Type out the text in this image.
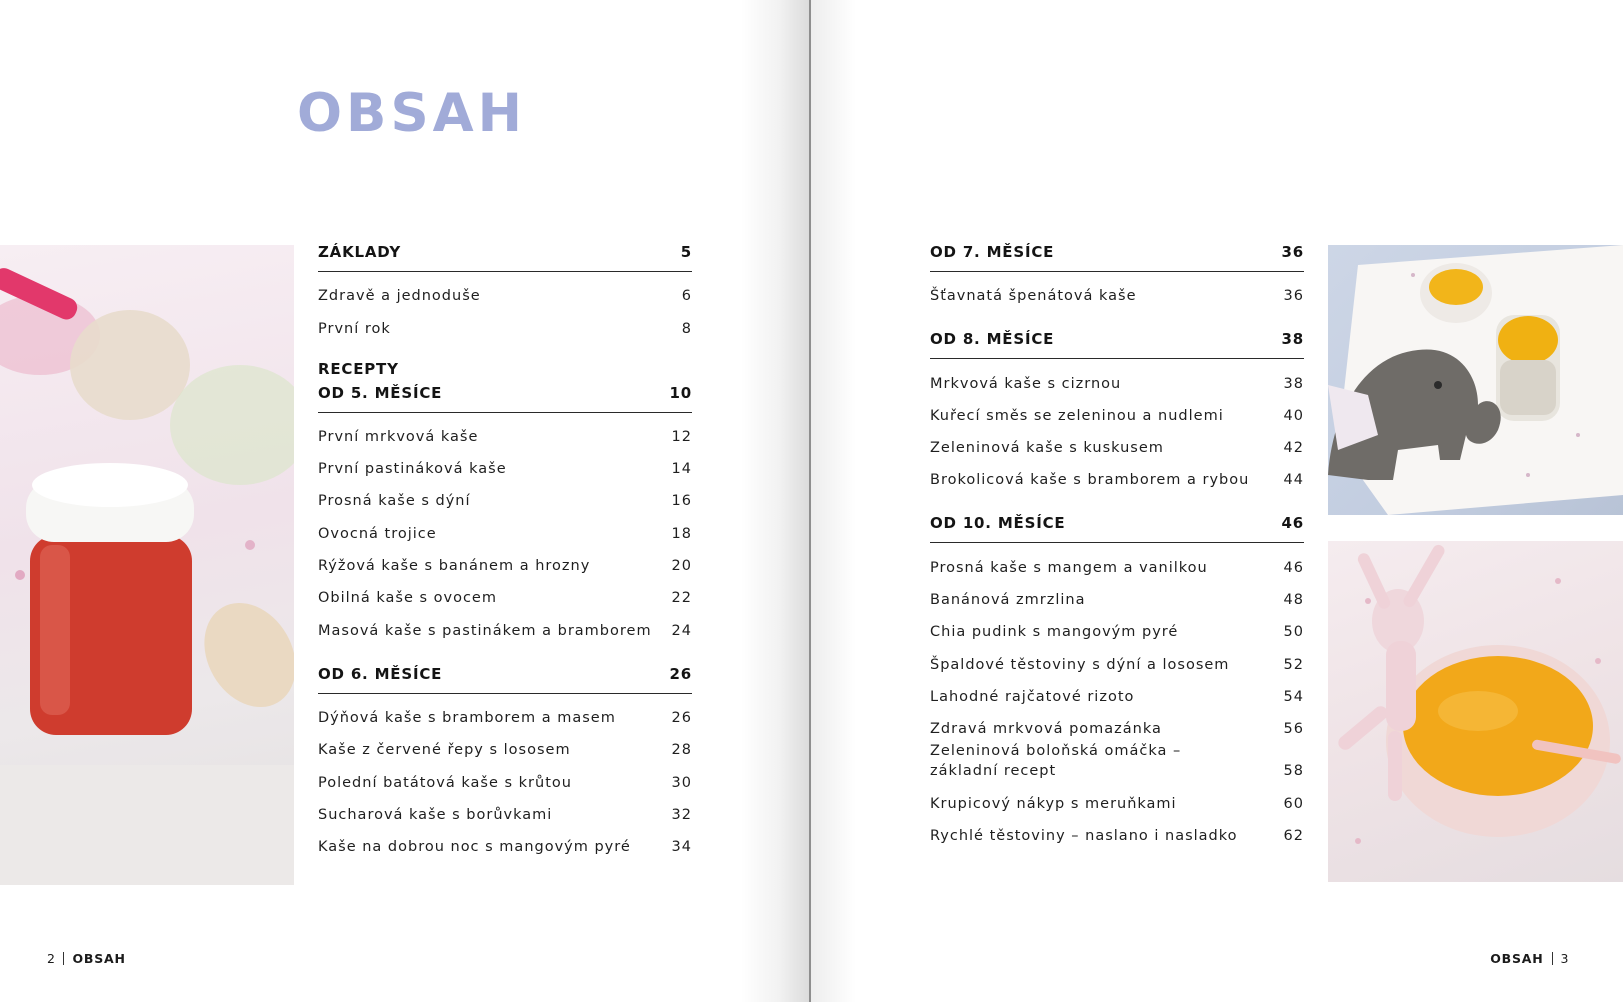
OBSAH
ZÁKLADY	5
Zdravě a jednoduše	6
První rok	8
RECEPTY
OD 5. MĚSÍCE	10
První mrkvová kaše	12
První pastináková kaše	14
Prosná kaše s dýní	16
Ovocná trojice	18
Rýžová kaše s banánem a hrozny	20
Obilná kaše s ovocem	22
Masová kaše s pastinákem a bramborem	24
OD 6. MĚSÍCE	26
Dýňová kaše s bramborem a masem	26
Kaše z červené řepy s lososem	28
Polední batátová kaše s krůtou	30
Sucharová kaše s borůvkami	32
Kaše na dobrou noc s mangovým pyré	34
2 OBSAH
OD 7. MĚSÍCE	36
Šťavnatá špenátová kaše	36
OD 8. MĚSÍCE	38
Mrkvová kaše s cizrnou	38
Kuřecí směs se zeleninou a nudlemi	40
Zeleninová kaše s kuskusem	42
Brokolicová kaše s bramborem a rybou	44
OD 10. MĚSÍCE	46
Prosná kaše s mangem a vanilkou	46
Banánová zmrzlina	48
Chia pudink s mangovým pyré	50
Špaldové těstoviny s dýní a lososem	52
Lahodné rajčatové rizoto	54
Zdravá mrkvová pomazánka	56
Zeleninová boloňská omáčka –
základní recept	58
Krupicový nákyp s meruňkami	60
Rychlé těstoviny – naslano i nasladko	62
OBSAH 3
